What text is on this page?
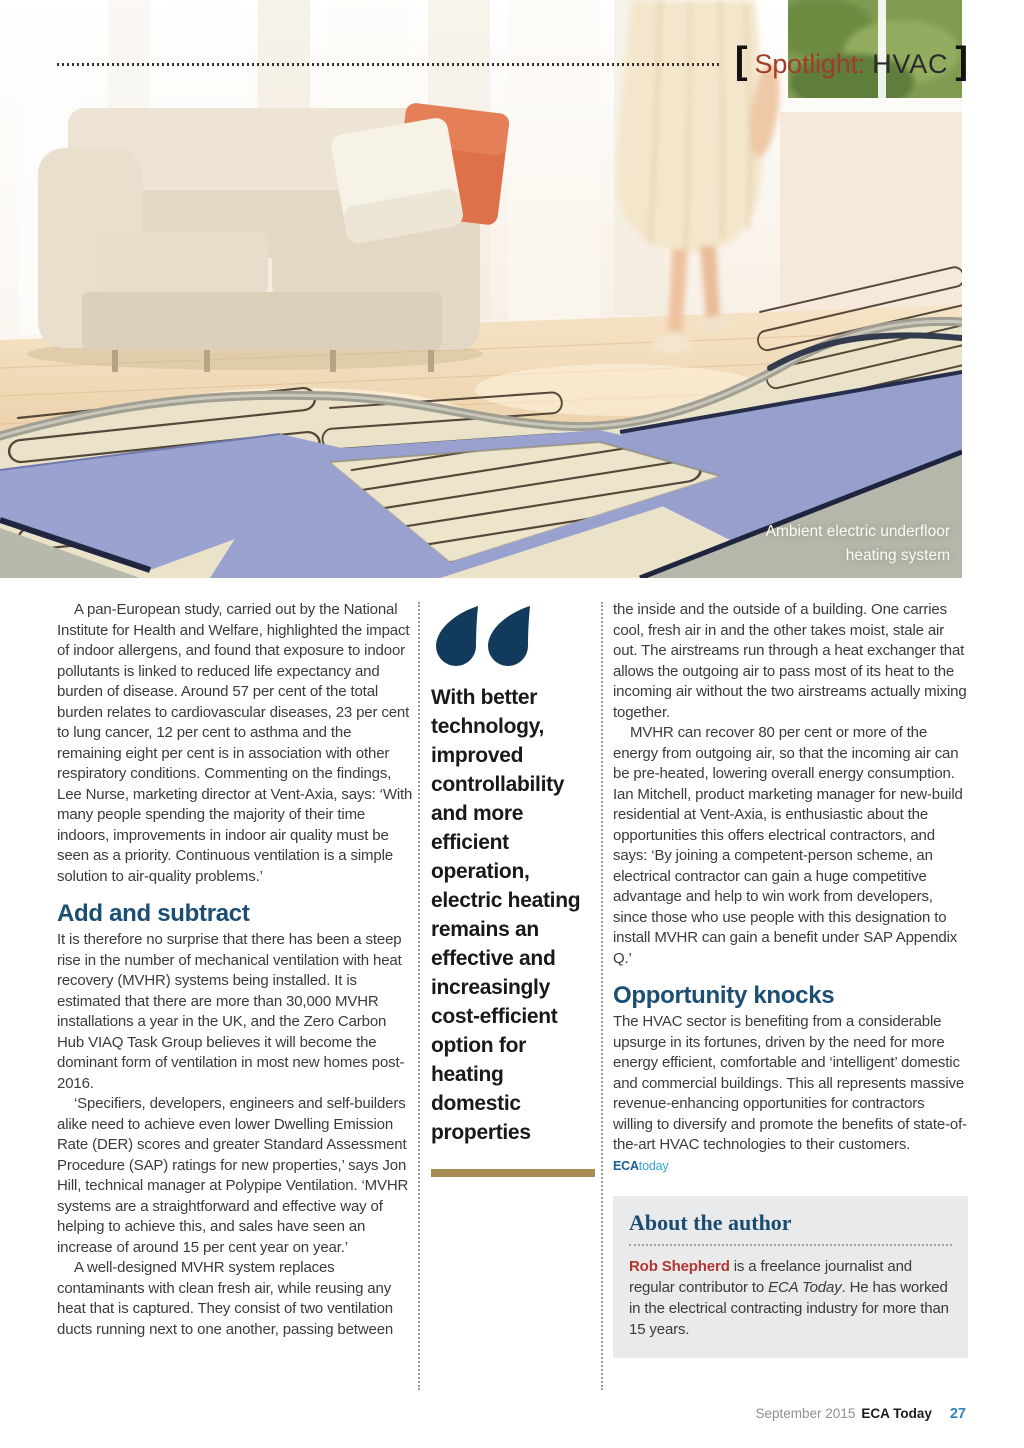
Ambient electric underfloor
heating system
[ Spotlight: HVAC ]

A pan-European study, carried out by the National Institute for Health and Welfare, highlighted the impact of indoor allergens, and found that exposure to indoor pollutants is linked to reduced life expectancy and burden of disease. Around 57 per cent of the total burden relates to cardiovascular diseases, 23 per cent to lung cancer, 12 per cent to asthma and the remaining eight per cent is in association with other respiratory conditions. Commenting on the findings, Lee Nurse, marketing director at Vent-Axia, says: ‘With many people spending the majority of their time indoors, improvements in indoor air quality must be seen as a priority. Continuous ventilation is a simple solution to air-quality problems.’

Add and subtract

It is therefore no surprise that there has been a steep rise in the number of mechanical ventilation with heat recovery (MVHR) systems being installed. It is estimated that there are more than 30,000 MVHR installations a year in the UK, and the Zero Carbon Hub VIAQ Task Group believes it will become the dominant form of ventilation in most new homes post-2016.

‘Specifiers, developers, engineers and self-builders alike need to achieve even lower Dwelling Emission Rate (DER) scores and greater Standard Assessment Procedure (SAP) ratings for new properties,’ says Jon Hill, technical manager at Polypipe Ventilation. ‘MVHR systems are a straightforward and effective way of helping to achieve this, and sales have seen an increase of around 15 per cent year on year.’

A well-designed MVHR system replaces contaminants with clean fresh air, while reusing any heat that is captured. They consist of two ventilation ducts running next to one another, passing between

With better technology, improved controllability and more efficient operation, electric heating remains an effective and increasingly cost-efficient option for heating domestic properties

the inside and the outside of a building. One carries cool, fresh air in and the other takes moist, stale air out. The airstreams run through a heat exchanger that allows the outgoing air to pass most of its heat to the incoming air without the two airstreams actually mixing together.

MVHR can recover 80 per cent or more of the energy from outgoing air, so that the incoming air can be pre-heated, lowering overall energy consumption. Ian Mitchell, product marketing manager for new-build residential at Vent-Axia, is enthusiastic about the opportunities this offers electrical contractors, and says: ‘By joining a competent-person scheme, an electrical contractor can gain a huge competitive advantage and help to win work from developers, since those who use people with this designation to install MVHR can gain a benefit under SAP Appendix Q.’

Opportunity knocks

The HVAC sector is benefiting from a considerable upsurge in its fortunes, driven by the need for more energy efficient, comfortable and ‘intelligent’ domestic and commercial buildings. This all represents massive revenue-enhancing opportunities for contractors willing to diversify and promote the benefits of state-of-the-art HVAC technologies to their customers. ECAtoday

About the author

Rob Shepherd is a freelance journalist and regular contributor to ECA Today. He has worked in the electrical contracting industry for more than 15 years.

September 2015 ECA Today 27
